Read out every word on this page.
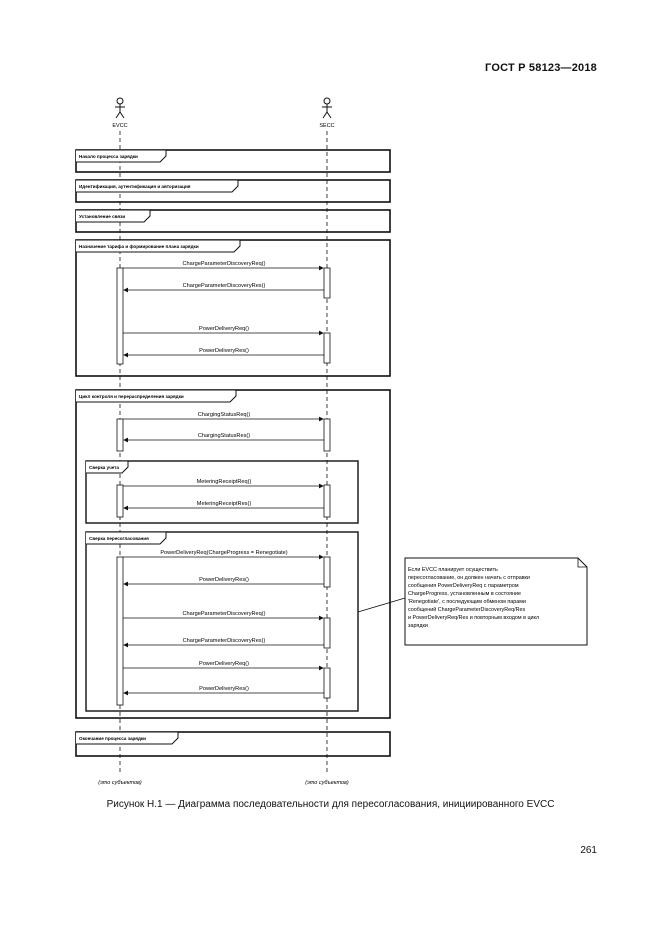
ГОСТ Р 58123—2018
EVCC	SECC
Начало процесса зарядки
Идентификация, аутентификация и авторизация
Установление связи
Назначение тарифа и формирование плана зарядки
ChargeParameterDiscoveryReq()
ChargeParameterDiscoveryRes()
PowerDeliveryReq()
PowerDeliveryRes()
Цикл контроля и перераспределения зарядки
ChargingStatusReq()
ChargingStatusRes()
Сверка учета
MeteringReceiptReq()
MeteringReceiptRes()
Сверка пересогласования
PowerDeliveryReq(ChargeProgress = Renegotiate)
PowerDeliveryRes()
ChargeParameterDiscoveryReq()
ChargeParameterDiscoveryRes()
PowerDeliveryReq()
PowerDeliveryRes()
Если EVCC планирует осуществить
пересогласование, он должен начать с отправки
сообщения PowerDeliveryReq с параметром
ChargeProgress, установленным в состояние
'Renegotiate', с последующим обменом парами
сообщений ChargeParameterDiscoveryReq/Res
и PowerDeliveryReq/Res и повторным входом в цикл
зарядки
Окончание процесса зарядки
(это субъектов)	(это субъектов)
Рисунок Н.1 — Диаграмма последовательности для пересогласования, инициированного EVCC
261
